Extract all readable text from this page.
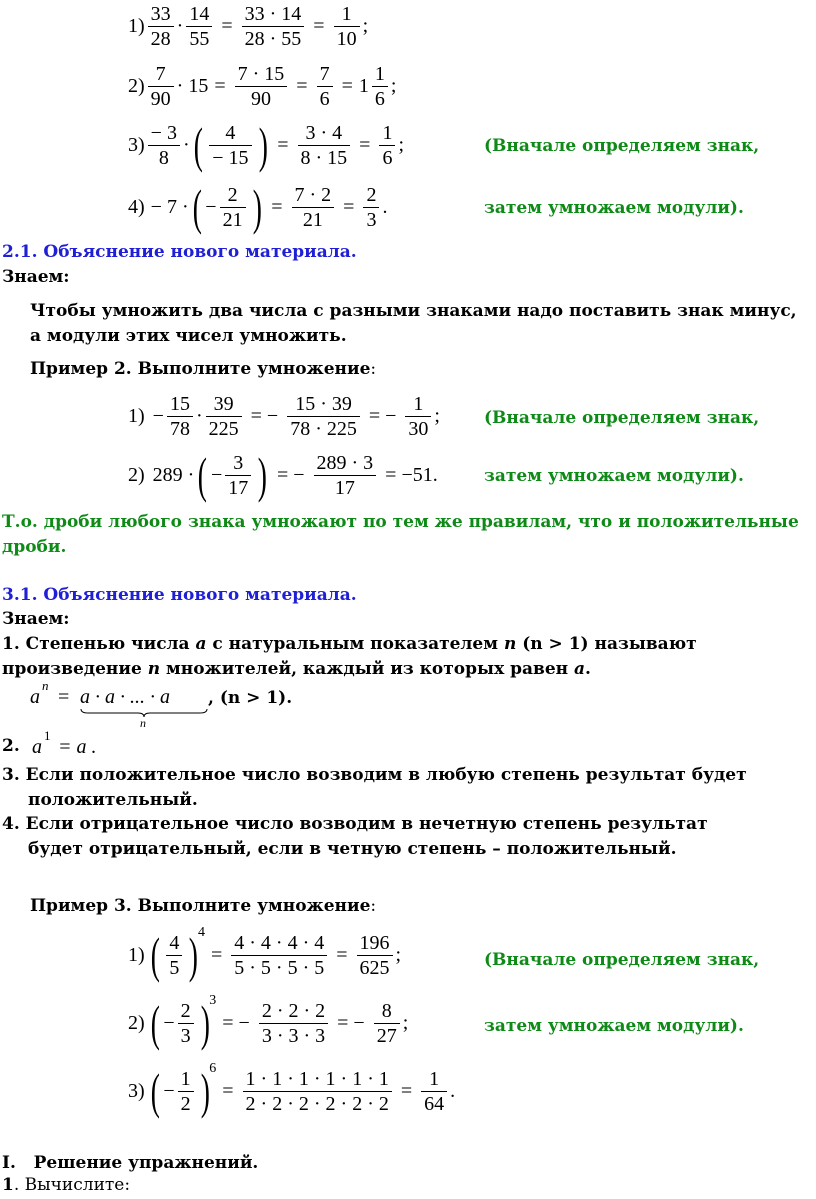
$1) \frac{33}{28} \cdot \frac{14}{55} = \frac{33 \cdot 14}{28 \cdot 55} = \frac{1}{10}$ ;
$2) \frac{7}{90} \cdot 15 = \frac{7 \cdot 15}{90} = \frac{7}{6} = 1 \frac{1}{6}$ ;
$3) \frac{- 3}{8}$ · ( $\frac{4}{- 15}$ ) = $\frac{3 \cdot 4}{8 \cdot 15} = \frac{1}{6}$ ;	(Вначале определяем знак,
4) − 7 · ( − $\frac{2}{21}$ ) = $\frac{7 \cdot 2}{21} = \frac{2}{3}$ .	затем умножаем модули).
2.1. Объяснение нового материала.
Знаем:
Чтобы умножить два числа с разными знаками надо поставить знак минус, а модули этих чисел умножить.
Пример 2. Выполните умножение:
$1) - \frac{15}{78} \cdot \frac{39}{225}$ = − $\frac{15 \cdot 39}{78 \cdot 225}$ = − $\frac{1}{30}$ ;	(Вначале определяем знак,
2) 289 · ( − $\frac{3}{17}$ ) = − $\frac{289 \cdot 3}{17} = -51$.	затем умножаем модули).
Т.о. дроби любого знака умножают по тем же правилам, что и положительные дроби.
3.1. Объяснение нового материала.
Знаем:
1. Степенью числа a с натуральным показателем n (n > 1) называют произведение n множителей, каждый из которых равен a.
a
n
= a · a · ... · a
n
, (n > 1).
2. a
1
= a .
3. Если положительное число возводим в любую степень результат будет положительный.
4. Если отрицательное число возводим в нечетную степень результат будет отрицательный, если в четную степень – положительный.
Пример 3. Выполните умножение:
1) ( $\frac{4}{5}$ ) 4
= $\frac{4 \cdot 4 \cdot 4 \cdot 4}{5 \cdot 5 \cdot 5 \cdot 5} = \frac{196}{625}$ ;	(Вначале определяем знак,
2) ( − $\frac{2}{3}$ ) 3
= − $\frac{2 \cdot 2 \cdot 2}{3 \cdot 3 \cdot 3}$ = − $\frac{8}{27}$ ;	затем умножаем модули).
3) ( − $\frac{1}{2}$ ) 6
= $\frac{1 \cdot 1 \cdot 1 \cdot 1 \cdot 1 \cdot 1}{2 \cdot 2 \cdot 2 \cdot 2 \cdot 2 \cdot 2} = \frac{1}{64}$ .
I. Решение упражнений.
1. Вычислите:
